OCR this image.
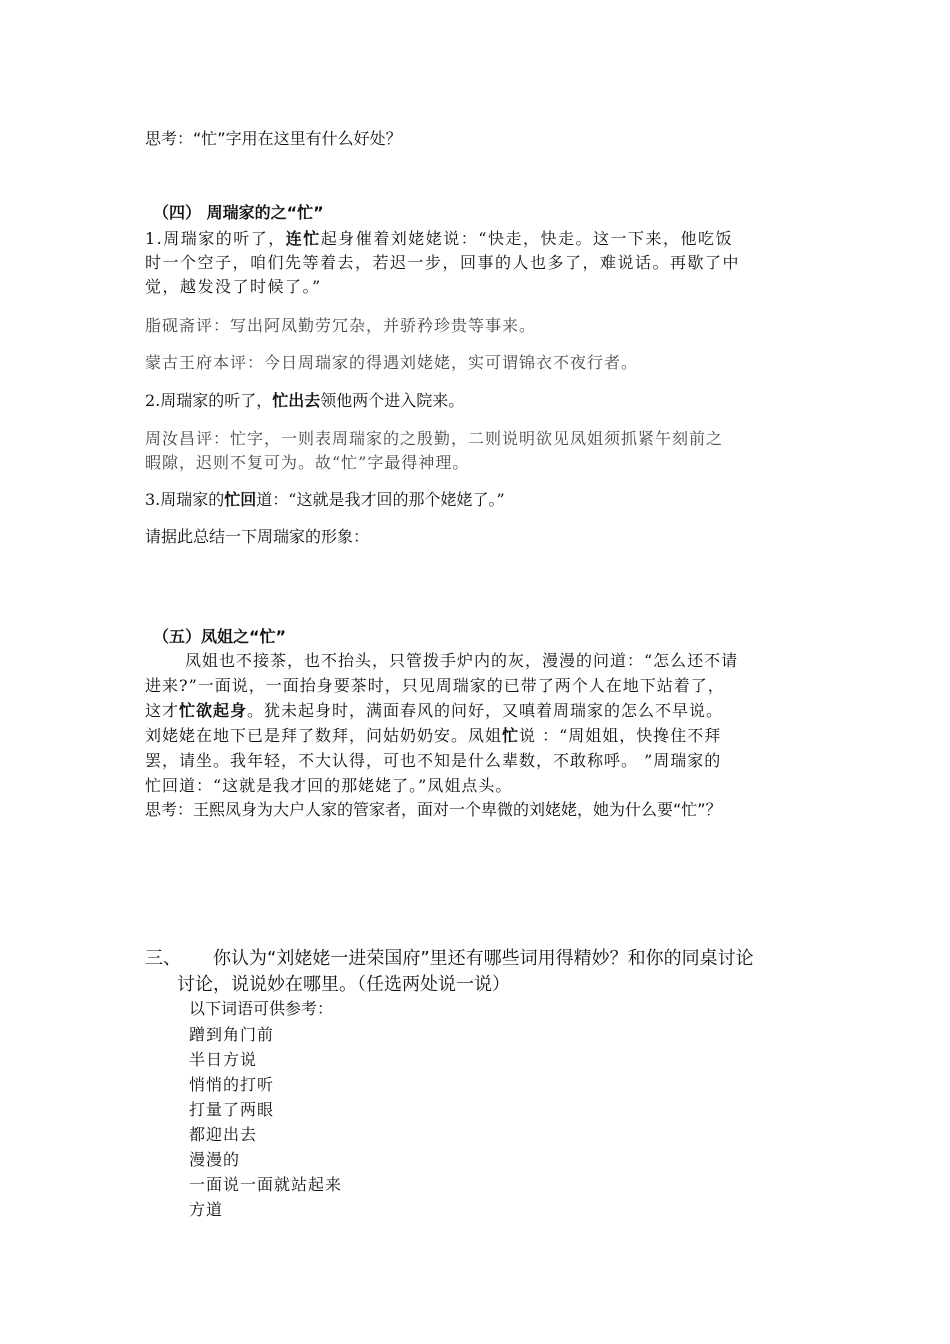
思考：“忙”字用在这里有什么好处？
（四） 周瑞家的之“忙”
1.周瑞家的听了，连忙起身催着刘姥姥说：“快走，快走。这一下来，他吃饭
时一个空子，咱们先等着去，若迟一步，回事的人也多了，难说话。再歇了中
觉，越发没了时候了。”
脂砚斋评：写出阿凤勤劳冗杂，并骄矜珍贵等事来。
蒙古王府本评：今日周瑞家的得遇刘姥姥，实可谓锦衣不夜行者。
2.周瑞家的听了，忙出去领他两个进入院来。
周汝昌评：忙字，一则表周瑞家的之殷勤，二则说明欲见凤姐须抓紧午刻前之
暇隙，迟则不复可为。故“忙”字最得神理。
3.周瑞家的忙回道：“这就是我才回的那个姥姥了。”
请据此总结一下周瑞家的形象：
（五）凤姐之“忙”
凤姐也不接茶，也不抬头，只管拨手炉内的灰，漫漫的问道：“怎么还不请
进来?”一面说，一面抬身要茶时，只见周瑞家的已带了两个人在地下站着了，
这才忙欲起身。犹未起身时，满面春风的问好，又嗔着周瑞家的怎么不早说。
刘姥姥在地下已是拜了数拜，问姑奶奶安。凤姐忙说 ：“周姐姐，快搀住不拜
罢，请坐。我年轻，不大认得，可也不知是什么辈数，不敢称呼。 ”周瑞家的
忙回道：“这就是我才回的那姥姥了。”凤姐点头。
思考：王熙凤身为大户人家的管家者，面对一个卑微的刘姥姥，她为什么要“忙”？
三、 你认为“刘姥姥一进荣国府”里还有哪些词用得精妙？和你的同桌讨论
讨论，说说妙在哪里。（任选两处说一说）
以下词语可供参考：
蹭到角门前
半日方说
悄悄的打听
打量了两眼
都迎出去
漫漫的
一面说一面就站起来
方道
